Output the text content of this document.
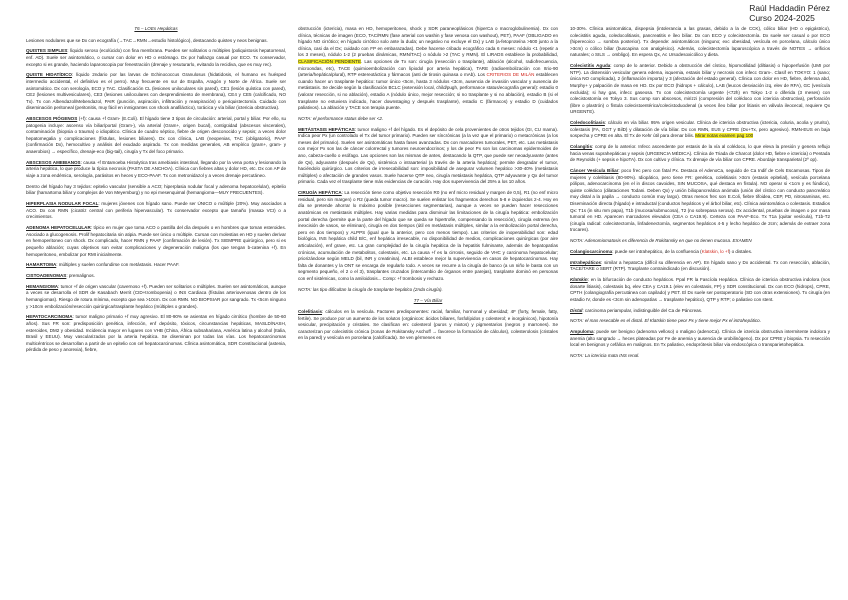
Raúl Haddadin Pérez
Curso 2024-2025
T6 – LOEs Hepáticas

Lesiones nodulares que se Dx con ecografía (→TAC→RMN→estudio histológico), destacando quistes y neos benignas.

QUISTES SIMPLES: líquido seroso (ecolúcido) con fina membrana. Pueden ser solitarios o múltiples (poliquistosis hepatorrenal, enf. AD). Suele ser asintomático, o cursar con dolor en HD o estómago. Dx por hallazgo casual por ECO. Tx conservador, excepto si es grande, haciendo laparoscopia por fenestración (drenaje y resuturarlo, evitando la recidiva, que es muy rec).

QUISTE HIDATÍDICO: líquido 2ndario por las larvas de Echinococcus Granulosus (hidatidosis, el humano es huésped intermedio accidental, el definitivo es el perro). Muy frecuente en sur de España, Aragón y Norte de África. Suele ser asintomático. Dx con serología, ECO y TAC. Clasificación CL (lesiones uniloculares sin pared), CE1 (lesión quística con pared), CE2 (lesiones multivesiculares), CE3 (lesiones uniloculares con desprendimiento de membrana), CE4 y CE5 (calcificado, NO Tx). Tx con Albendazol/Mebendazol, PAIR (punción, aspiración, infiltración y reaspiración) o periquistectomía. Cuidado con diseminación peritoneal (peritonitis, muy fácil en inmigrantes con shock anafiláctico), torácica y vía biliar (ictericia obstructiva).

ABSCESOS PIÓGENOS (+f): causa +f Gram- (E.Coli). El hígado tiene 3 tipos de circulación: arterial, portal y biliar. Por ello, su patogenia incluye: ascenso vía biliar/portal (Gram-), vía arterial (Gram+, origen bucal), contigüidad (abscesos viscerales), contaminación (biopsia o trauma) o idiopático. Clínica de cuadro séptico, fiebre de origen desconocido y sepsis; a veces dolor hepatomegalia y complicaciones (fístulas, lesiones biliares). Dx con clínica, LAB (neopenias, TAC (obligatorio), PAAF (confirmación Dx), hemocultivo y análisis del exudado aspirado. Tx con medidas generales, AB empírico (gram+, gram- y anaerobios) → específico, drenaje-eco (big-tail), cirugía y Tx del foco primario.

ABSCESOS AMEBIANOS: causa +f Entamoeba Histolytica tras amebiasis intestinal, llegando por la vena porta y lesionando la arteria hepática, lo que produce la típica necrosis (PASTA DE ANCHOA). Clínica con fiebres altas y dolor HD, etc. Dx con AP de viaje a zona endémica, serología, parásitos en heces y ECO-PAAF. Tx con metronidazol y a veces drenaje percutáneo.

Dentro del hígado hay 3 tejidos: epitelio vascular (sensible a ACO; hiperplasia nodular focal y adenoma hepatocelular), epitelio biliar (hamartoma biliar y complejos de Von Meyemburg) y no epi mesenquimal (hemangioma—MUY FRECUENTES).

HIPERPLASIA NODULAR FOCAL: mujeres jóvenes con hígado sano. Puede ser ÚNICO o múltiple (20%). Muy asociados a ACO. Dx con RMN (cicatriz central con periferia hipervascular). Tx conservador excepto que tamaño (masa≥ VCI) o a crecimientos.

ADENOMA HEPATOCELULAR: típico en mujer que toma ACO o pastilla del día después o en hombres que toman esteroides. Asociado a glucogenosis. Prolif hepatocitaria sin atipia. Puede ser único o múltiple. Cursan con molestias en HD y suelen derivar en hemoperitoneo con shock. Dx complicado, hacer RMN y PAAF (confirmación de lesión). Tx SIEMPRE quirúrgico, pero si es pequeño ablación; cuyas objetivos son evitar complicaciones y degeneración maligna (los que tengan b-catenina +f). En hemoperitoneo, embolizar por RMI inicialmente.

HAMARTOMA: múltiples y suelen confundirse con metástasis. Hacer PAAF.

CISTOADENOMAS: premalignos.

HEMANGIOMA: tumor +f de origen vascular (cavernoso +f). Pueden ser solitarios o múltiples. Suelen ser asintomáticos, aunque a veces se desarrolla el SDR de Kasabach Merrit (CID+trombopenia) o INS Cardiaca (fístulas arteriovenosas dentro de los hemangiomas). Riesgo de rotura mínima, excepto que sea >10cm. Dx con RMN. NO BIOPSIAR por sangrado. Tx <5cm ninguno y >10cm embolización/resección quirúrgica/trasplante hepático (múltiples o grandes).

HEPATOCARCINOMA: tumor maligno primario +f muy agresivo. El 80-90% se asientan en hígado cirrótico (hombre de 50-60 años). Sus FR son: predisposición genética, infección, enf depósito, tóxicos, circunstancias hepáticas, MASLD/NASH, esteroides, DM2 y obesidad. Incidencia mayor en lugares con VHB (China, África subsahariana, América latina y alcohol (Italia, Brasil y EEUU). Muy vascularizados por la arteria hepática. Se diseminan por todas las vías. Los hepatocarcinomas multicéntricos se desarrollan a partir de un epitelio con cel hepatocarcinomas. Clínica asintomática, SDR Constitucional (astenia, pérdida de peso y anorexia), fiebre,

obstrucción (ictericia), masa en HD, hemoperitoneo, shock y SDR paraneoplásicos (hiperCa o macroglobulinemia). Dx con clínica, técnicas de imagen (ECO, TAC/RMN (fase arterial con washin y fase venosa con washout), PET), PAAF (OBLIGADO en hígado NO cirrótico; en hígado cirrótico solo ante la duda; un negativo no excluye el Dx) y LAB (a-fetoproteína >500 junto a la clínica, casi da el Dx; cuidado con FP en embarazadas). Debe hacerse cribado ecográfico cada 6 meses: nódulo <1 (repetir a los 3 meses), nódulo 1-2 (2 pruebas dinámicas, RMN/TAC) o nódulo >2 (TAC y RMN). El LIRADS establece la probabilidad, CLASIFICACIÓN PENDIENTE. Las opciones de Tx son: cirugía (resección o trasplante), ablación (alcohol, radiofrecuencia, microondas, etc), TACE (quimioembolización con lipiodol por arteria hepática), TARE (radioembolización con Itrio-90 (arteria/hepática/plural), RTP estereotáctica y fármacos (anti de tirosin quinasa o mAb). Los CRITERIOS DE MILÁN establecen cuando hacer un trasplante hepático: tumor único <5cm, hasta 3 nódulos <3cm, ausencia de invasión vascular y ausencia de metástasis. Se decide según la clasificación BCLC (extensión local, child/pugh, performance status/ecografía general): estadio 0 (valorar resección, si no ablación), estadio A (nódulo único, mejor resección; si no trasplante y si no ablación), estadio B (si el trasplante no estuviera indicado, hacer downstaging y después trasplante), estadio C (fármacos) y estadio D (cuidados paliativos). La ablación y TACE son terapia puente.

NOTA: el performance status debe ser <2.

METÁSTASIS HEPÁTICAS: tumor maligno +f del hígado. Es el depósito de cela provenientes de otros tejidos (GI, CU mama). Indica peor Px (un controlado el Tx del tumor primario). Pueden ser síncrónicas (a la vez que el primario) o metacrónicas (a los meses del primario). Suelen ser asintomáticas hasta fases avanzadas. Dx con marcadores tumorales, PET, etc. Las metástasis con mejor Px son las de cáncer colorrectal y tumores neuroendocrinos; y los de peor Px son los carcinomas epidermoides de ano, cabeza-cuello o esófago. Las opciones son las mismas de antes, destacando la QTP, que puede ser neoadyuvante (antes de Qx), adyuvante (después de Qx), sistémica o intraarterial (a través de la arteria hepática); permite desgradar el tumor, haciéndolo quirúrgico. Los criterios de irresecabilidad son: imposibilidad de asegurar volumen hepático >30-40% (metástasis múltiples) o afectación de grandes vasos. Suele hacerse QTP neo, cirugía metástasis hepática, QTP adyuvante y Qx del tumor primario. Cada vez el trasplante tiene más evidencias de curación. Hay dos supervivencia del 25% a los 10 años.

CIRUGÍA HEPÁTICA: La resección tiene como objetivo resección R0 (no enf micro residual y margen de 0,5), R1 (no enf micro residual, pero sin margen) o R2 (queda tumor macro). Se suelen enlistar los fragmentos derechos 5-8 e izquierdos 2-4. Hoy en día se pretende ahorrar lo máximo posible (resecciones segmentarias), aunque a veces se pueden hacer resecciones anatómicas en metástasis múltiples. Hay varias medidas para disminuir las limitaciones de la cirugía hepática: embolización portal derecha (permite que la parte del hígado que se queda se hipertrofie, compensando la resección), cirugía extrema (en inexcisión de vasos, se eliminan), cirugía en dos tiempos (útil en metástasis múltiples, similar a la embolización portal derecha, pero en dos tiempos) y ALPPS (igual que la anterior, pero con menos tiempo). Las criterios de inoperabilidad son: edad biológica, INS hepática child B/C, enf hepática irresecable, no disponibilidad de medios, complicaciones quirúrgicas (por aire articulación), enf grave, etc. La gran complejidad de la cirugía hepática de la hepatitis fulminante, además de hepatopatías crónicas, acumulación de metabolitos, colestasis, etc. La causa +f es la cirrosis, seguido de VHC y carcinoma hepatocelular; priorizándose según MELD (bil, INR y creatinina). ALBI establece mejor la supervivencia en casos de hepatocarcinomas. Hay falta de donantes y la ONT se encarga de regularlo todo. A veces se recurre a la cirugía de banco (a un niño le basta con un segmento pequeño, el 2 o el 3), trasplantes cruzados (intercambio de órganos entre parejas), trasplante dominó en personas con enf sistémicas, como la amiloidosis... Comp: +f trombosis y rechazo.

NOTA: las tipo dificultan la cirugía de trasplante hepático (2nda cirugía).

T7 – Vía Biliar

Colelitiasis: cálculos en la vesícula. Factores predisponentes: racial, familiar, hormonal y obesidad; 4F (forty, female, fatty, fertile). Se produce por un aumento de los solutos (orgánicos: ácidos biliares, fosfolípidos y colesterol; e inorgánicos), hipotonía vesicular, precipitación y cristales. Se clasifican en: colesterol (puros y mixtos) y pigmentarios (negros y marrones). Se caracterizan por colecistitis crónica (zonas de Rokitansky Aschoff → favorece la formación de cálculos), colesterolosis (cristales en la pared) y vesícula en porcelana (calcificada). Se ven gérmenes en

10-30%. Clínica asintomática, dispepsia (intolerancia a las grasas, debido a la de CCK), cólico biliar (HD o epigástrico), colecistitis aguda, coledocolitiasis, pancreatitis e íleo biliar. Dx con ECO y colecistectomía. Dx suele ser casual o por ECO (hiperecoico → sombra posterior). Tx depende: asintomáticos (ninguno; exc obesidad, vesícula en porcelana, cálculo único >3cm) o cólico biliar (buscapina con analgésico). Además, colecistectomía laparoscópica a través de NOTES → orificios naturales; o SILS → ombligo). En espera Qx, Ac Ursodesoxicólico y dieta.

Colecistitis Aguda: comp de lo anterior. Debido a obstrucción del cístico, hipomotilidad (diltiasis) o hipoperfusión (UMI por NTP). La distensión vesicular genera edema, isquemia, estasis biliar y necrosis con infecc Gram-. Clasif en TOKYO: 1 (sano; única NO complicada), 2 (inflamación importa) y 3 (afectación del estado general). Clínica con dolor en HD, fiebre, defensa abd, Murphy+ y palpación de masa en HD. Dx por ECO (hidrops + cálculo), LAB (leucos desviación izq, elev de RFA), GC (vesícula excluida); si hay gas, infecc gaseosa. Tx con colecistectomía urgente (<72h) en Tokyo 1-2 o diferida (3 meses) con colecistostomía en Tokyo 3. Sus comp son abscesos, mirizzi (compresión del colédoco con ictericia obstructiva), perforación (libre o plastrón) o fístula colecistoentérica/colecistoduodenal (a veces íleo biliar por litiasis en válvula ileocecal, requiere Qx URGENTE).

Coledocolitiasis: cálculo en vía biliar. 95% origen vesicular. Clínica de ictericia obstructiva (ictericia, coluria, acolia y prurito), colestasis (FA, GGT y BilD) y dilatación de vía biliar. Dx con RMN, EUS y CPRE (Dx+Tx, pero agresivo). RMN-EUS en baja sospecha y CPRE en alta. El Tx de Kehr útil para drenar bilis. Mirar notas examen pag 100

Colangitis: comp de lo anterior. Infecc ascendente por estasis de la vía al colédoco, lo que eleva la presión y genera reflujo hacia venas suprahepáticas y sepsis (URGENCIA MÉDICA). Clínica de Triada de Charcot (dolor HD, fiebre e ictericia) o Pentada de Reynolds (+ sepsis e hipoTA). Dx con cultivo y clínica. Tx drenaje de vía biliar con CPRE. Abordaje transparietal (2º op).

Cáncer Vesícula Biliar: poco frec pero con fatal Px. Destaca el AdenoCa, seguido de Ca Indif de Cels Escamosas. Tipos de mujeres y colelitiasis (80-90%). Idiopático, pero tiene FR: genética, colelitiasis >3cm (estasis epitelial), vesícula porcelana pólipos, adenocarcinoma (en el in discos cavoides, SIN MUCOSA, qué destaca en fístula). NO operar si <1cm y es fúndico), quiste colédoco (dilataciones Todani. Deben Qx) y unión biliopancreática anómala (unión del cístico con conducto pancreático muy distal a la papila → conducto común muy largo). Otras menos frec son E.Coli, fiebre tifoidea, CEP, PD, nitrosaminas, etc. Diseminación directa (hígado) e intraductal (conductos hepáticos y el árbol biliar, etc). Clínica asintomática o colestasis. Estadios Qx: T1s (in situ mm papa), T1b (mucosa/submucosa), T2 (no sobrepasa serosa). Dx accidental, pruebas de imagen o por masa tumoral en HD. Aparecen marcadores elevados (CEA o CA19.9). Certeza con PAAF-Eco. Tx T1a (quitar vesícula), T1b-T2 (cirugía radical: colecistectomía, linfadenectomía, segmentos hepáticos 4-5 y lecho hepático de 2cm; además de extraer zona trocares).

NOTA: Adenomiomatosis es diferencia de Rokitansky en que no tienen mucosa. EXAMEN

Colangiocarcinoma: puede ser intrahepático, de la confluencia (Klatskin, lo +f) o distales.

Intrahepáticos: similar a hepatoCa (difícil su diferencia en AP). En hígado sano y Dx accidental. Tx con resección, ablación, TACE/TARE o SBRT (RTP). Trasplante contraindicado (en discusión).

Klatskin: en la bifurcación de conducto hepáticos. Ppal FR la Fascíola Hepática. Clínica de ictericia obstructiva indolora (nos dosarte litiasis), colestasis bq, elev CEA y CA19.1 (elev en colestasis, FP) y SDR constitucional. Dx con ECO (hidrops), CPRE, CPTH (colangiografía percutánea con capilado) y PET. El Dx suele ser postoperatorio (SD con otras extensiones). Tx cirugía (en estadio IV, donde es <3cm sin adenopatías → trasplante hepático), QTP y RTP; o paliativo con stent.

Distal: carcinoma periampular, indistinguible del Ca de Páncreas.

NOTA: el mas resecable es el distal. El Klatskin tiene peor Px y tiene mejor Px el intrahepático.

Ampuloma: puede ser benigno (adenoma velloso) o maligno (adenoCa). Clínica de ictericia obstructiva intermitente indolora y anemia (alto sangrado → heces plateadas por Fe de anemia y ausencia de urobilinógeno). Dx por CPRE y biopsia. Tx resección local en benignos y cefálica en malignos. En Tx paliativo, endoprótesis biliar via endoscópica o transparietohepática.

NOTA: La ictericia mata INS renal.
